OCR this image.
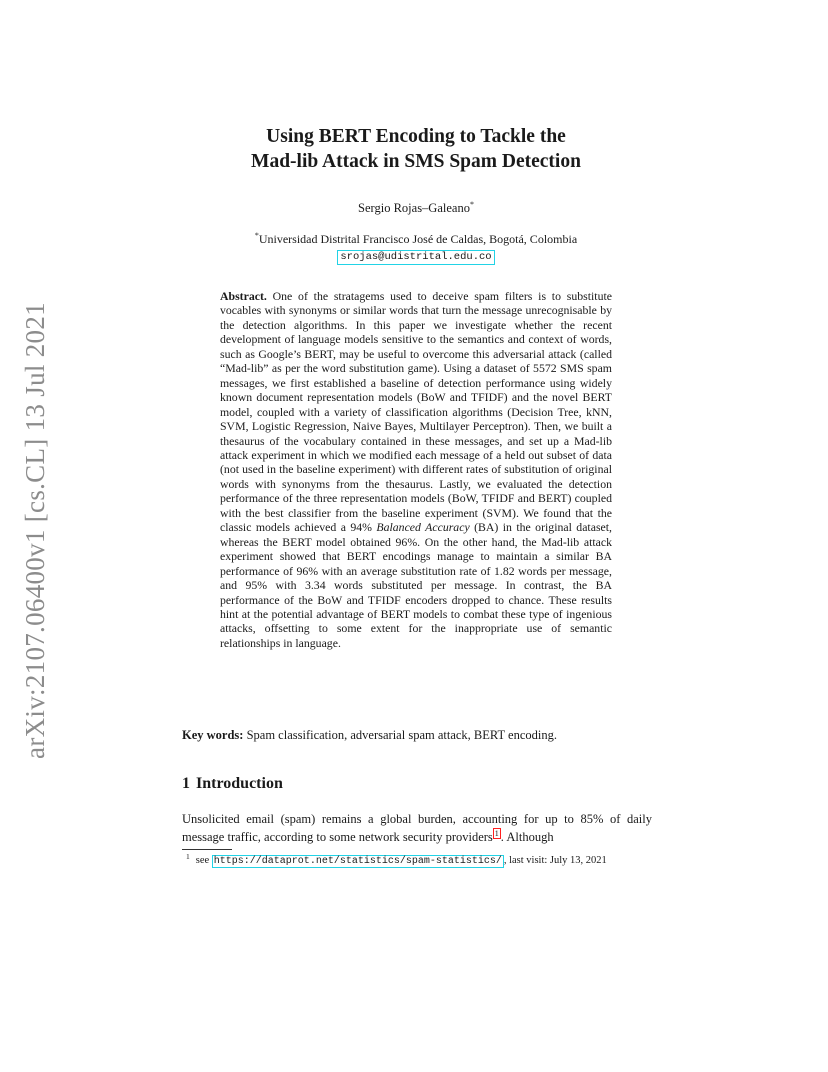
arXiv:2107.06400v1 [cs.CL] 13 Jul 2021
Using BERT Encoding to Tackle the
Mad-lib Attack in SMS Spam Detection

Sergio Rojas–Galeano*

*Universidad Distrital Francisco José de Caldas, Bogotá, Colombia
srojas@udistrital.edu.co

Abstract. One of the stratagems used to deceive spam filters is to substitute vocables with synonyms or similar words that turn the message unrecognisable by the detection algorithms. In this paper we investigate whether the recent development of language models sensitive to the semantics and context of words, such as Google’s BERT, may be useful to overcome this adversarial attack (called “Mad-lib” as per the word substitution game). Using a dataset of 5572 SMS spam messages, we first established a baseline of detection performance using widely known document representation models (BoW and TFIDF) and the novel BERT model, coupled with a variety of classification algorithms (Decision Tree, kNN, SVM, Logistic Regression, Naive Bayes, Multilayer Perceptron). Then, we built a thesaurus of the vocabulary contained in these messages, and set up a Mad-lib attack experiment in which we modified each message of a held out subset of data (not used in the baseline experiment) with different rates of substitution of original words with synonyms from the thesaurus. Lastly, we evaluated the detection performance of the three representation models (BoW, TFIDF and BERT) coupled with the best classifier from the baseline experiment (SVM). We found that the classic models achieved a 94% Balanced Accuracy (BA) in the original dataset, whereas the BERT model obtained 96%. On the other hand, the Mad-lib attack experiment showed that BERT encodings manage to maintain a similar BA performance of 96% with an average substitution rate of 1.82 words per message, and 95% with 3.34 words substituted per message. In contrast, the BA performance of the BoW and TFIDF encoders dropped to chance. These results hint at the potential advantage of BERT models to combat these type of ingenious attacks, offsetting to some extent for the inappropriate use of semantic relationships in language.

Key words: Spam classification, adversarial spam attack, BERT encoding.

1 Introduction

Unsolicited email (spam) remains a global burden, accounting for up to 85% of daily message traffic, according to some network security providers 1 . Although

$^1$ see https://dataprot.net/statistics/spam-statistics/ , last visit: July 13, 2021
